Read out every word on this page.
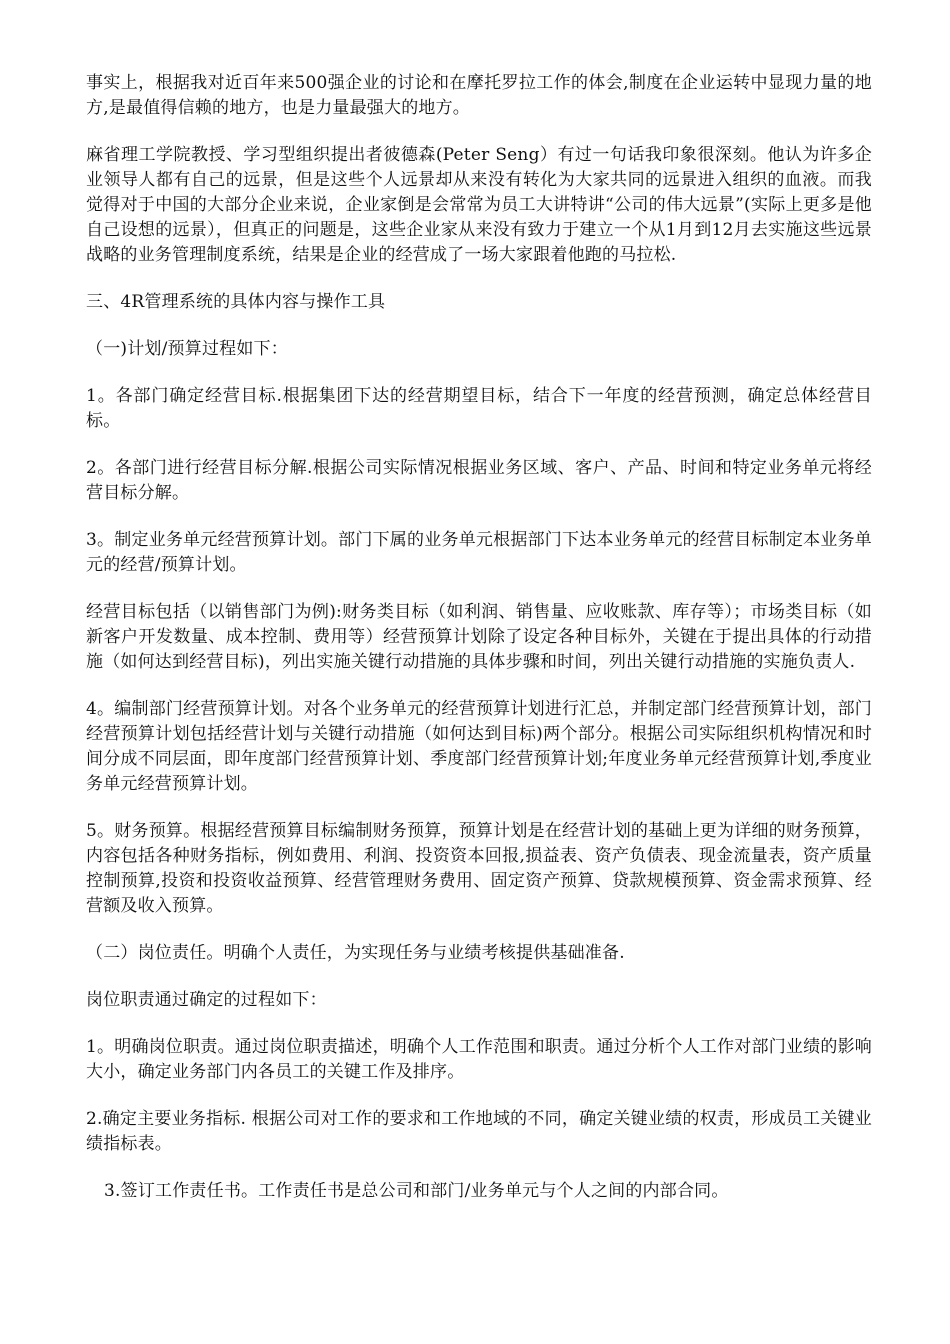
事实上，根据我对近百年来500强企业的讨论和在摩托罗拉工作的体会,制度在企业运转中显现力量的地方,是最值得信赖的地方，也是力量最强大的地方。

麻省理工学院教授、学习型组织提出者彼德森(Peter Seng）有过一句话我印象很深刻。他认为许多企业领导人都有自己的远景，但是这些个人远景却从来没有转化为大家共同的远景进入组织的血液。而我觉得对于中国的大部分企业来说，企业家倒是会常常为员工大讲特讲“公司的伟大远景”(实际上更多是他自己设想的远景），但真正的问题是，这些企业家从来没有致力于建立一个从1月到12月去实施这些远景战略的业务管理制度系统，结果是企业的经营成了一场大家跟着他跑的马拉松.

三、4R管理系统的具体内容与操作工具

（一)计划/预算过程如下：

1。各部门确定经营目标.根据集团下达的经营期望目标，结合下一年度的经营预测，确定总体经营目标。

2。各部门进行经营目标分解.根据公司实际情况根据业务区域、客户、产品、时间和特定业务单元将经营目标分解。

3。制定业务单元经营预算计划。部门下属的业务单元根据部门下达本业务单元的经营目标制定本业务单元的经营/预算计划。

经营目标包括（以销售部门为例):财务类目标（如利润、销售量、应收账款、库存等）；市场类目标（如新客户开发数量、成本控制、费用等）经营预算计划除了设定各种目标外，关键在于提出具体的行动措施（如何达到经营目标)，列出实施关键行动措施的具体步骤和时间，列出关键行动措施的实施负责人.

4。编制部门经营预算计划。对各个业务单元的经营预算计划进行汇总，并制定部门经营预算计划，部门经营预算计划包括经营计划与关键行动措施（如何达到目标)两个部分。根据公司实际组织机构情况和时间分成不同层面，即年度部门经营预算计划、季度部门经营预算计划;年度业务单元经营预算计划,季度业务单元经营预算计划。

5。财务预算。根据经营预算目标编制财务预算，预算计划是在经营计划的基础上更为详细的财务预算，内容包括各种财务指标，例如费用、利润、投资资本回报,损益表、资产负债表、现金流量表，资产质量控制预算,投资和投资收益预算、经营管理财务费用、固定资产预算、贷款规模预算、资金需求预算、经营额及收入预算。

（二）岗位责任。明确个人责任，为实现任务与业绩考核提供基础准备.

岗位职责通过确定的过程如下：

1。明确岗位职责。通过岗位职责描述，明确个人工作范围和职责。通过分析个人工作对部门业绩的影响大小，确定业务部门内各员工的关键工作及排序。

2.确定主要业务指标. 根据公司对工作的要求和工作地域的不同，确定关键业绩的权责，形成员工关键业绩指标表。

3.签订工作责任书。工作责任书是总公司和部门/业务单元与个人之间的内部合同。
